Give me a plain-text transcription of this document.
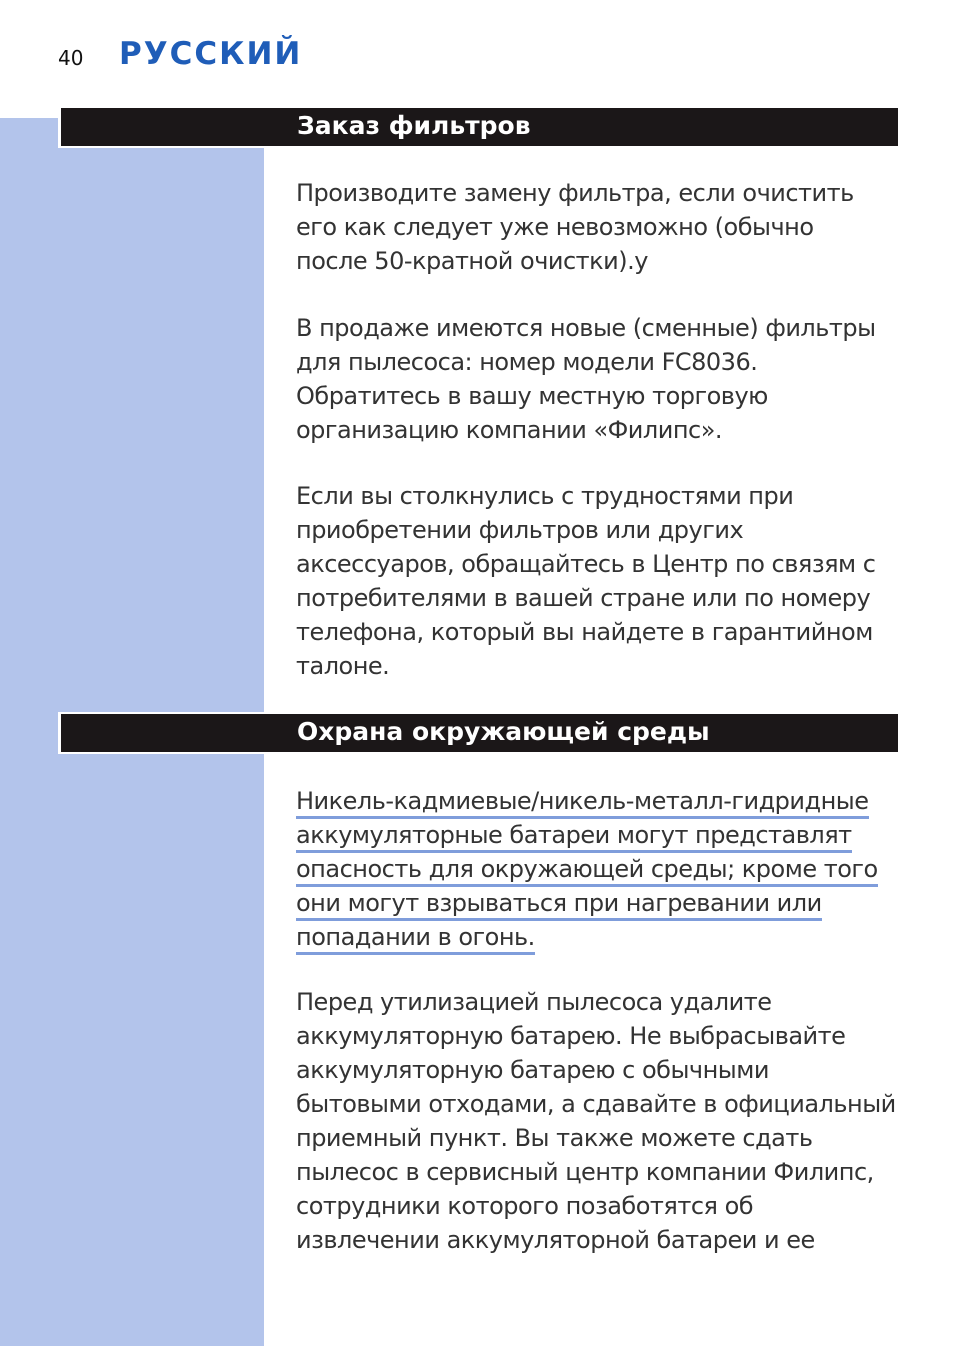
40 РУССКИЙ
Заказ фильтров

Производите замену фильтра, если очистить
его как следует уже невозможно (обычно
после 50-кратной очистки).у

В продаже имеются новые (сменные) фильтры
для пылесоса: номер модели FC8036.
Обратитесь в вашу местную торговую
организацию компании «Филипс».

Если вы столкнулись с трудностями при
приобретении фильтров или других
аксессуаров, обращайтесь в Центр по связям с
потребителями в вашей стране или по номеру
телефона, который вы найдете в гарантийном
талоне.

Охрана окружающей среды

Никель-кадмиевые/никель-металл-гидридные
аккумуляторные батареи могут представлят
опасность для окружающей среды; кроме того
они могут взрываться при нагревании или
попадании в огонь.

Перед утилизацией пылесоса удалите
аккумуляторную батарею. Не выбрасывайте
аккумуляторную батарею с обычными
бытовыми отходами, а сдавайте в официальный
приемный пункт. Вы также можете сдать
пылесос в сервисный центр компании Филипс,
сотрудники которого позаботятся об
извлечении аккумуляторной батареи и ее
